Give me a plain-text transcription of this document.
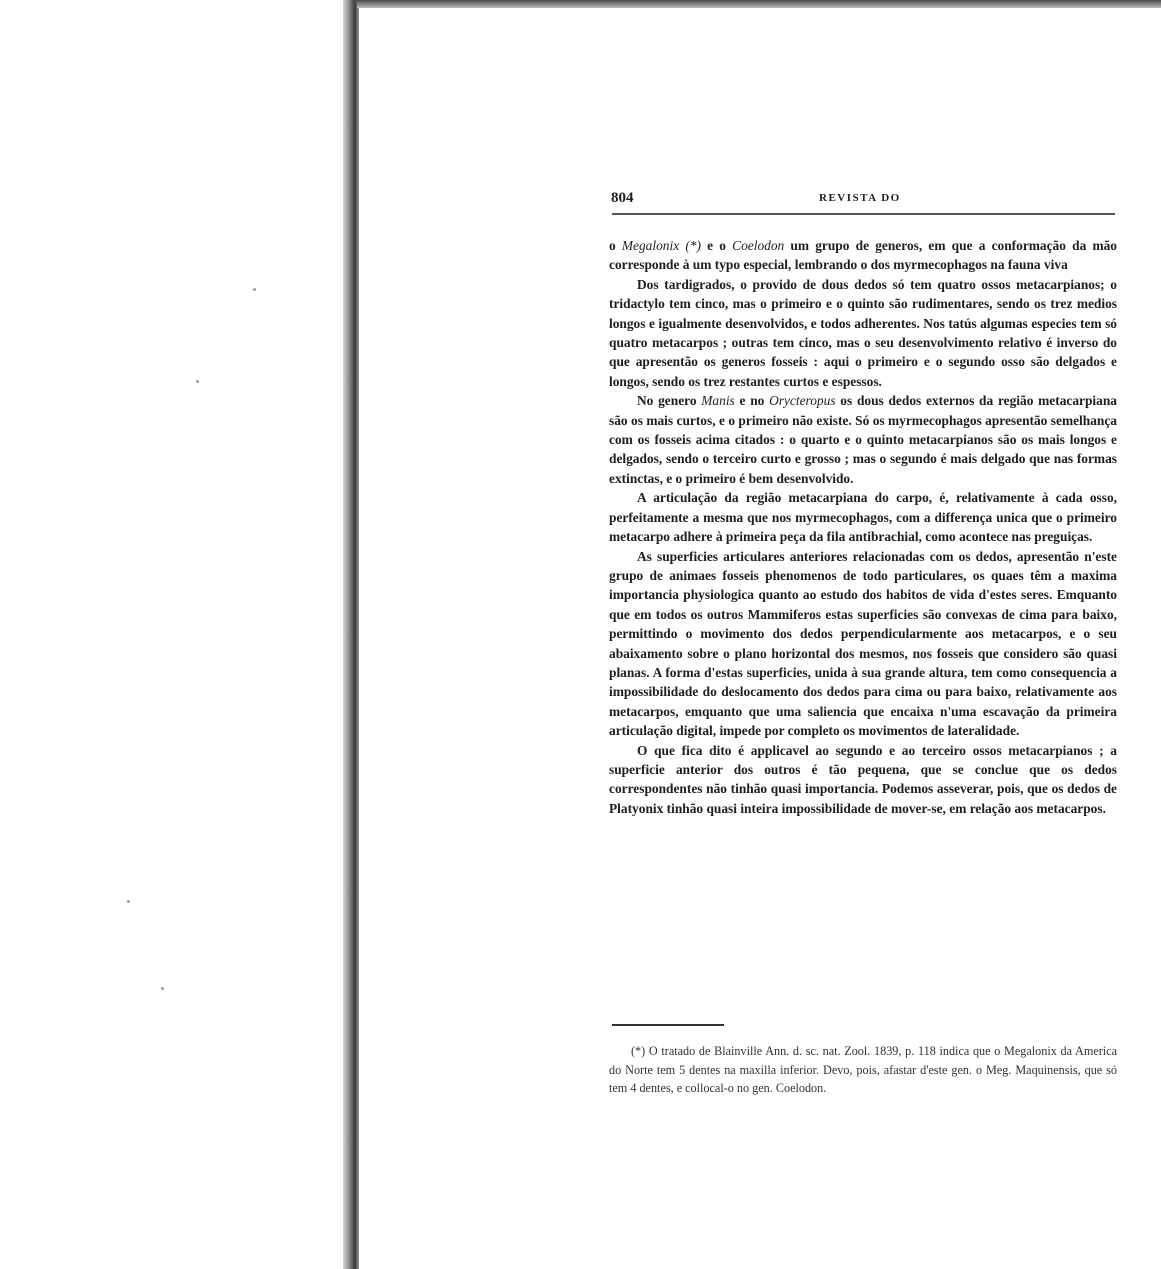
804	REVISTA DO

o Megalonix (*) e o Coelodon um grupo de generos, em que a conformação da mão corresponde à um typo especial, lembrando o dos myrmecophagos na fauna viva

Dos tardigrados, o provido de dous dedos só tem quatro ossos metacarpianos; o tridactylo tem cinco, mas o primeiro e o quinto são rudimentares, sendo os trez medios longos e igualmente desenvolvidos, e todos adherentes. Nos tatús algumas especies tem só quatro metacarpos ; outras tem cinco, mas o seu desenvolvimento relativo é inverso do que apresentão os generos fosseis : aqui o primeiro e o segundo osso são delgados e longos, sendo os trez restantes curtos e espessos.

No genero Manis e no Orycteropus os dous dedos externos da região metacarpiana são os mais curtos, e o primeiro não existe. Só os myrmecophagos apresentão semelhança com os fosseis acima citados : o quarto e o quinto metacarpianos são os mais longos e delgados, sendo o terceiro curto e grosso ; mas o segundo é mais delgado que nas formas extinctas, e o primeiro é bem desenvolvido.

A articulação da região metacarpiana do carpo, é, relativamente à cada osso, perfeitamente a mesma que nos myrmecophagos, com a differença unica que o primeiro metacarpo adhere à primeira peça da fila antibrachial, como acontece nas preguiças.

As superficies articulares anteriores relacionadas com os dedos, apresentão n'este grupo de animaes fosseis phenomenos de todo particulares, os quaes têm a maxima importancia physiologica quanto ao estudo dos habitos de vida d'estes seres. Emquanto que em todos os outros Mammiferos estas superficies são convexas de cima para baixo, permittindo o movimento dos dedos perpendicularmente aos metacarpos, e o seu abaixamento sobre o plano horizontal dos mesmos, nos fosseis que considero são quasi planas. A forma d'estas superficies, unida à sua grande altura, tem como consequencia a impossibilidade do deslocamento dos dedos para cima ou para baixo, relativamente aos metacarpos, emquanto que uma saliencia que encaixa n'uma escavação da primeira articulação digital, impede por completo os movimentos de lateralidade.

O que fica dito é applicavel ao segundo e ao terceiro ossos metacarpianos ; a superficie anterior dos outros é tão pequena, que se conclue que os dedos correspondentes não tinhão quasi importancia. Podemos asseverar, pois, que os dedos de Platyonix tinhão quasi inteira impossibilidade de mover-se, em relação aos metacarpos.

(*) O tratado de Blainville Ann. d. sc. nat. Zool. 1839, p. 118 indica que o Megalonix da America do Norte tem 5 dentes na maxilla inferior. Devo, pois, afastar d'este gen. o Meg. Maquinensis, que só tem 4 dentes, e collocal-o no gen. Coelodon.
